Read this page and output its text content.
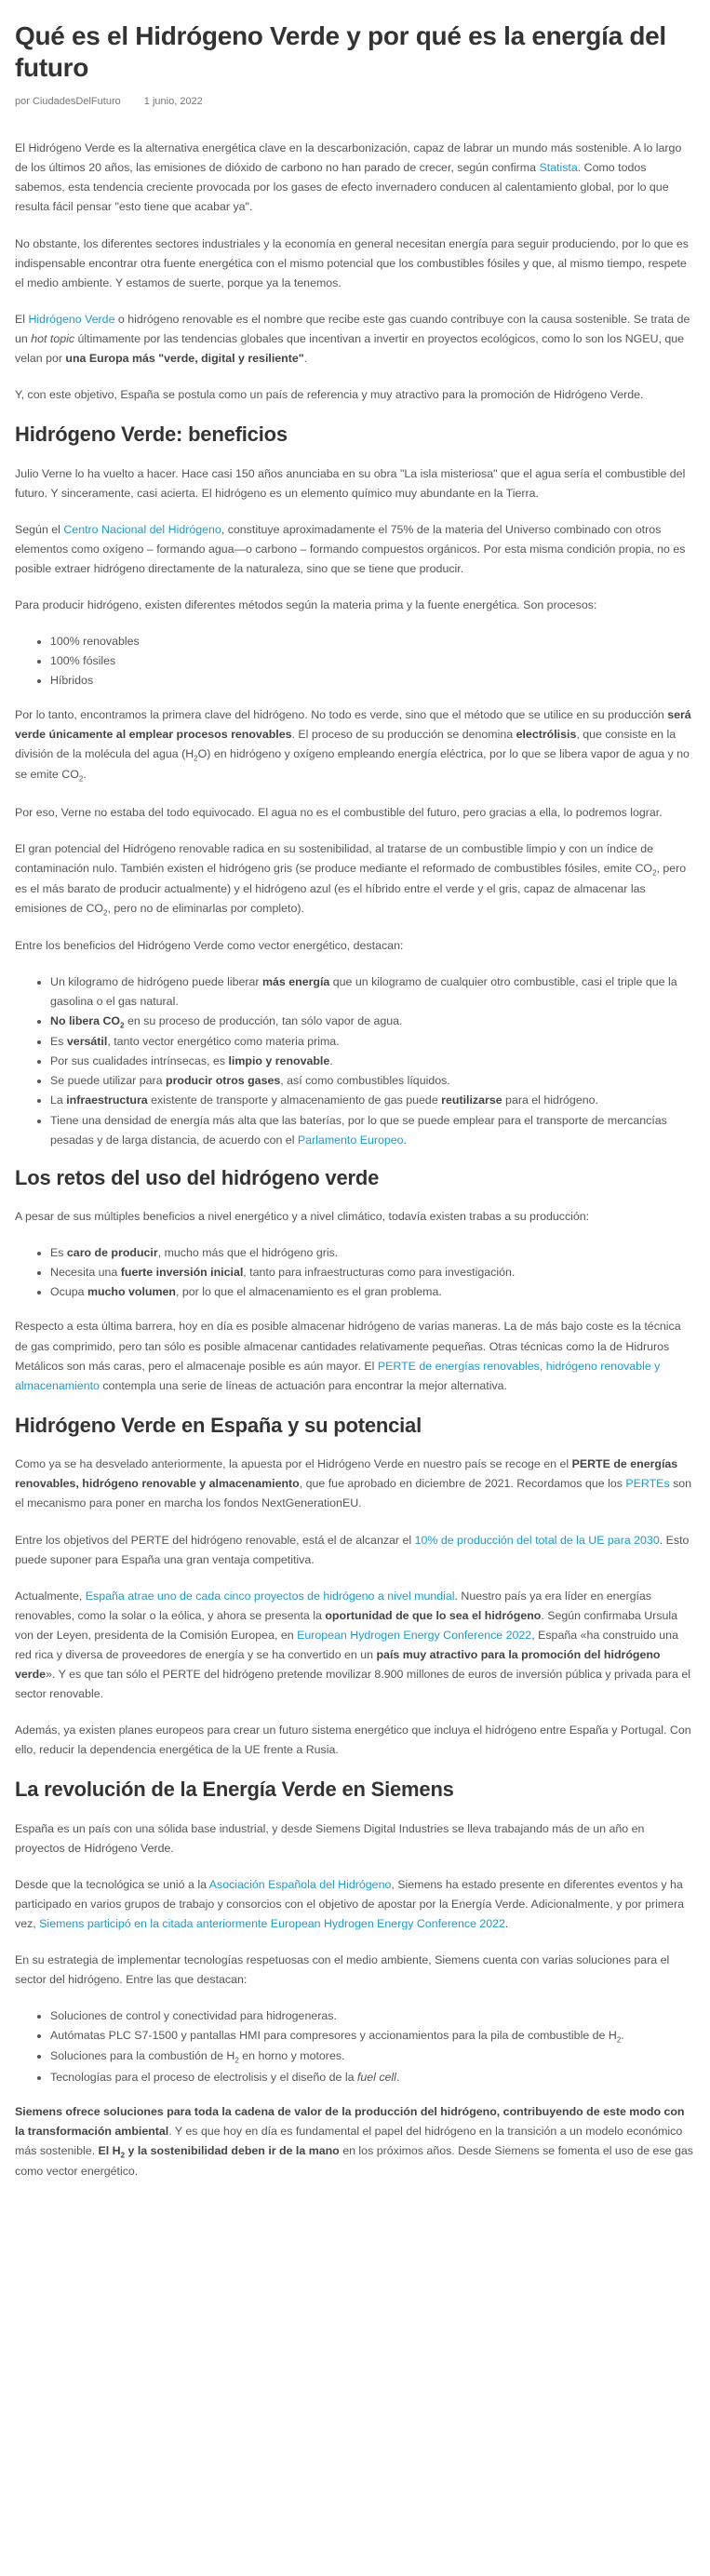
Qué es el Hidrógeno Verde y por qué es la energía del futuro
por CiudadesDelFuturo 1 junio, 2022

El Hidrógeno Verde es la alternativa energética clave en la descarbonización, capaz de labrar un mundo más sostenible. A lo largo de los últimos 20 años, las emisiones de dióxido de carbono no han parado de crecer, según confirma Statista. Como todos sabemos, esta tendencia creciente provocada por los gases de efecto invernadero conducen al calentamiento global, por lo que resulta fácil pensar "esto tiene que acabar ya".

No obstante, los diferentes sectores industriales y la economía en general necesitan energía para seguir produciendo, por lo que es indispensable encontrar otra fuente energética con el mismo potencial que los combustibles fósiles y que, al mismo tiempo, respete el medio ambiente. Y estamos de suerte, porque ya la tenemos.

El Hidrógeno Verde o hidrógeno renovable es el nombre que recibe este gas cuando contribuye con la causa sostenible. Se trata de un hot topic últimamente por las tendencias globales que incentivan a invertir en proyectos ecológicos, como lo son los NGEU, que velan por una Europa más "verde, digital y resiliente".

Y, con este objetivo, España se postula como un país de referencia y muy atractivo para la promoción de Hidrógeno Verde.

Hidrógeno Verde: beneficios

Julio Verne lo ha vuelto a hacer. Hace casi 150 años anunciaba en su obra "La isla misteriosa" que el agua sería el combustible del futuro. Y sinceramente, casi acierta. El hidrógeno es un elemento químico muy abundante en la Tierra.

Según el Centro Nacional del Hidrógeno, constituye aproximadamente el 75% de la materia del Universo combinado con otros elementos como oxígeno – formando agua—o carbono – formando compuestos orgánicos. Por esta misma condición propia, no es posible extraer hidrógeno directamente de la naturaleza, sino que se tiene que producir.

Para producir hidrógeno, existen diferentes métodos según la materia prima y la fuente energética. Son procesos:

• 100% renovables
• 100% fósiles
• Híbridos

Por lo tanto, encontramos la primera clave del hidrógeno. No todo es verde, sino que el método que se utilice en su producción será verde únicamente al emplear procesos renovables. El proceso de su producción se denomina electrólisis, que consiste en la división de la molécula del agua $(H_2O)$ en hidrógeno y oxígeno empleando energía eléctrica, por lo que se libera vapor de agua y no se emite $CO_2$.

Por eso, Verne no estaba del todo equivocado. El agua no es el combustible del futuro, pero gracias a ella, lo podremos lograr.

El gran potencial del Hidrógeno renovable radica en su sostenibilidad, al tratarse de un combustible limpio y con un índice de contaminación nulo. También existen el hidrógeno gris (se produce mediante el reformado de combustibles fósiles, emite $CO_2$, pero es el más barato de producir actualmente) y el hidrógeno azul (es el híbrido entre el verde y el gris, capaz de almacenar las emisiones de $CO_2$, pero no de eliminarlas por completo).

Entre los beneficios del Hidrógeno Verde como vector energético, destacan:

• Un kilogramo de hidrógeno puede liberar más energía que un kilogramo de cualquier otro combustible, casi el triple que la gasolina o el gas natural.
• No libera $CO_2$ en su proceso de producción, tan sólo vapor de agua.
• Es versátil, tanto vector energético como materia prima.
• Por sus cualidades intrínsecas, es limpio y renovable.
• Se puede utilizar para producir otros gases, así como combustibles líquidos.
• La infraestructura existente de transporte y almacenamiento de gas puede reutilizarse para el hidrógeno.
• Tiene una densidad de energía más alta que las baterías, por lo que se puede emplear para el transporte de mercancías pesadas y de larga distancia, de acuerdo con el Parlamento Europeo.
Los retos del uso del hidrógeno verde

A pesar de sus múltiples beneficios a nivel energético y a nivel climático, todavía existen trabas a su producción:

• Es caro de producir, mucho más que el hidrógeno gris.
• Necesita una fuerte inversión inicial, tanto para infraestructuras como para investigación.
• Ocupa mucho volumen, por lo que el almacenamiento es el gran problema.

Respecto a esta última barrera, hoy en día es posible almacenar hidrógeno de varias maneras. La de más bajo coste es la técnica de gas comprimido, pero tan sólo es posible almacenar cantidades relativamente pequeñas. Otras técnicas como la de Hidruros Metálicos son más caras, pero el almacenaje posible es aún mayor. El PERTE de energías renovables, hidrógeno renovable y almacenamiento contempla una serie de líneas de actuación para encontrar la mejor alternativa.

Hidrógeno Verde en España y su potencial

Como ya se ha desvelado anteriormente, la apuesta por el Hidrógeno Verde en nuestro país se recoge en el PERTE de energías renovables, hidrógeno renovable y almacenamiento, que fue aprobado en diciembre de 2021. Recordamos que los PERTEs son el mecanismo para poner en marcha los fondos NextGenerationEU.

Entre los objetivos del PERTE del hidrógeno renovable, está el de alcanzar el 10% de producción del total de la UE para 2030. Esto puede suponer para España una gran ventaja competitiva.

Actualmente, España atrae uno de cada cinco proyectos de hidrógeno a nivel mundial. Nuestro país ya era líder en energías renovables, como la solar o la eólica, y ahora se presenta la oportunidad de que lo sea el hidrógeno. Según confirmaba Ursula von der Leyen, presidenta de la Comisión Europea, en European Hydrogen Energy Conference 2022, España «ha construido una red rica y diversa de proveedores de energía y se ha convertido en un país muy atractivo para la promoción del hidrógeno verde». Y es que tan sólo el PERTE del hidrógeno pretende movilizar 8.900 millones de euros de inversión pública y privada para el sector renovable.

Además, ya existen planes europeos para crear un futuro sistema energético que incluya el hidrógeno entre España y Portugal. Con ello, reducir la dependencia energética de la UE frente a Rusia.

La revolución de la Energía Verde en Siemens

España es un país con una sólida base industrial, y desde Siemens Digital Industries se lleva trabajando más de un año en proyectos de Hidrógeno Verde.

Desde que la tecnológica se unió a la Asociación Española del Hidrógeno, Siemens ha estado presente en diferentes eventos y ha participado en varios grupos de trabajo y consorcios con el objetivo de apostar por la Energía Verde. Adicionalmente, y por primera vez, Siemens participó en la citada anteriormente European Hydrogen Energy Conference 2022.

En su estrategia de implementar tecnologías respetuosas con el medio ambiente, Siemens cuenta con varias soluciones para el sector del hidrógeno. Entre las que destacan:

• Soluciones de control y conectividad para hidrogeneras.
• Autómatas PLC S7-1500 y pantallas HMI para compresores y accionamientos para la pila de combustible de $H_2$.
• Soluciones para la combustión de $H_2$ en horno y motores.
• Tecnologías para el proceso de electrolisis y el diseño de la fuel cell.

Siemens ofrece soluciones para toda la cadena de valor de la producción del hidrógeno, contribuyendo de este modo con la transformación ambiental. Y es que hoy en día es fundamental el papel del hidrógeno en la transición a un modelo económico más sostenible. El $H_2$ y la sostenibilidad deben ir de la mano en los próximos años. Desde Siemens se fomenta el uso de ese gas como vector energético.
